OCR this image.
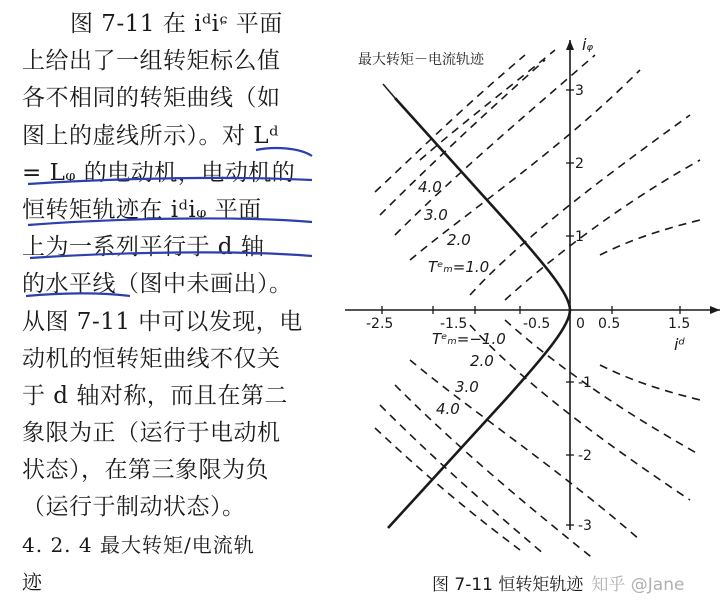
图 7-11 在 iᵈiᶝ 平面
上给出了一组转矩标么值
各不相同的转矩曲线（如
图上的虚线所示）。对 Lᵈ
= Lᵩ 的电动机，电动机的
恒转矩轨迹在 iᵈiᵩ 平面
上为一系列平行于 d 轴
的水平线（图中未画出）。
从图 7-11 中可以发现，电
动机的恒转矩曲线不仅关
于 d 轴对称，而且在第二
象限为正（运行于电动机
状态），在第三象限为负
（运行于制动状态）。
4. 2. 4 最大转矩/电流轨
迹
-2.5	-1.5	-0.5 0 0.5	1.5
3
2
1
-1
-2
-3
iᵩ
iᵈ
最大转矩－电流轨迹
4.0
3.0
2.0
Tᵉₘ=1.0
Tᵉₘ=−1.0
2.0
3.0
4.0
图 7-11 恒转矩轨迹 知乎 @Jane
